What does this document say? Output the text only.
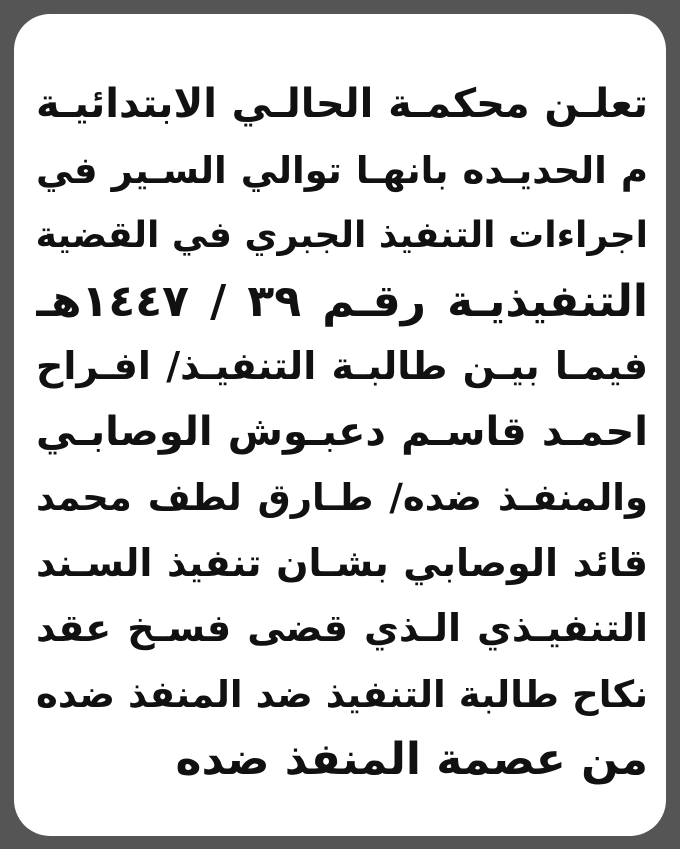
تعلـن محكمـة الحالـي الابتدائيـة
م الحديـده بانهـا توالي السـير في
اجراءات التنفيذ الجبري في القضية
التنفيذيـة رقـم ٣٩ / ١٤٤٧هـ
فيمـا بيـن طالبـة التنفيـذ/ افـراح
احمـد قاسـم دعبـوش الوصابـي
والمنفـذ ضده/ طـارق لطف محمد
قائد الوصابي بشـان تنفيذ السـند
التنفيـذي الـذي قضى فسـخ عقد
نكاح طالبة التنفيذ ضد المنفذ ضده
من عصمة المنفذ ضده
